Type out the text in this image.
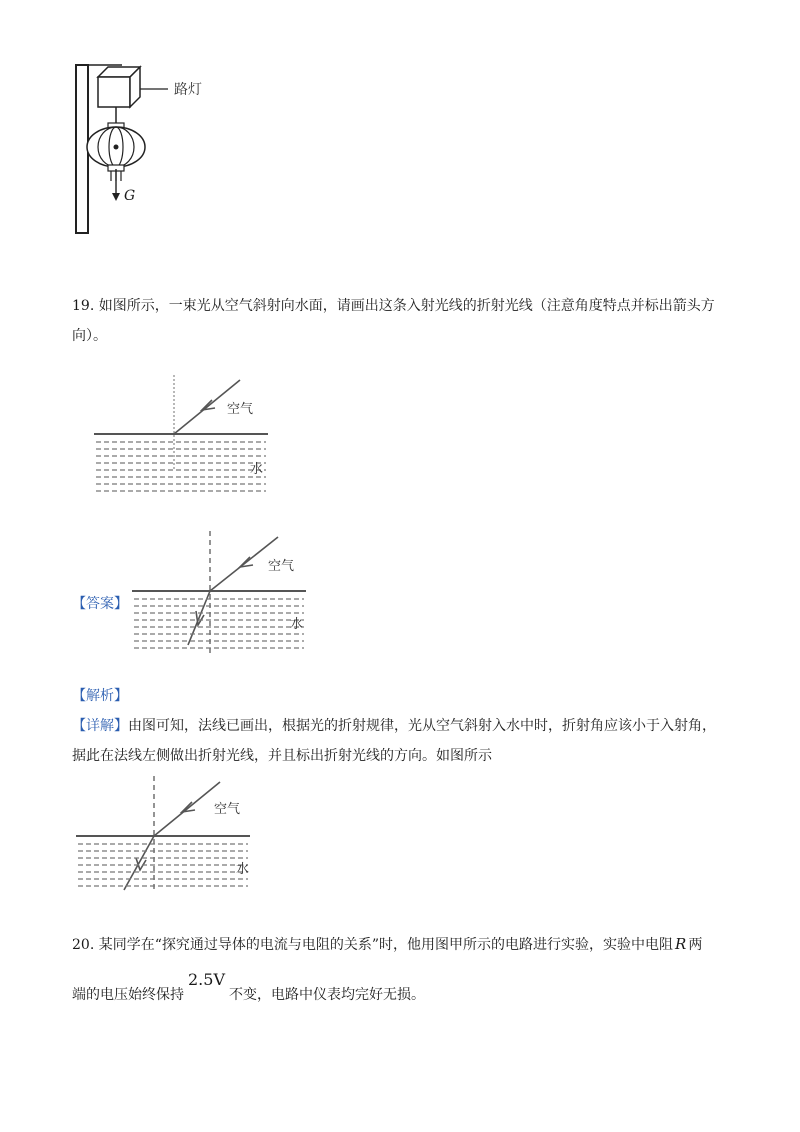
路灯
G
19. 如图所示，一束光从空气斜射向水面，请画出这条入射光线的折射光线（注意角度特点并标出箭头方
向）。
空气
水
【答案】
空气
水
【解析】
【详解】由图可知，法线已画出，根据光的折射规律，光从空气斜射入水中时，折射角应该小于入射角，
据此在法线左侧做出折射光线，并且标出折射光线的方向。如图所示
空气
水
20. 某同学在“探究通过导体的电流与电阻的关系”时，他用图甲所示的电路进行实验，实验中电阻 R 两
端的电压始终保持2.5V不变，电路中仪表均完好无损。
